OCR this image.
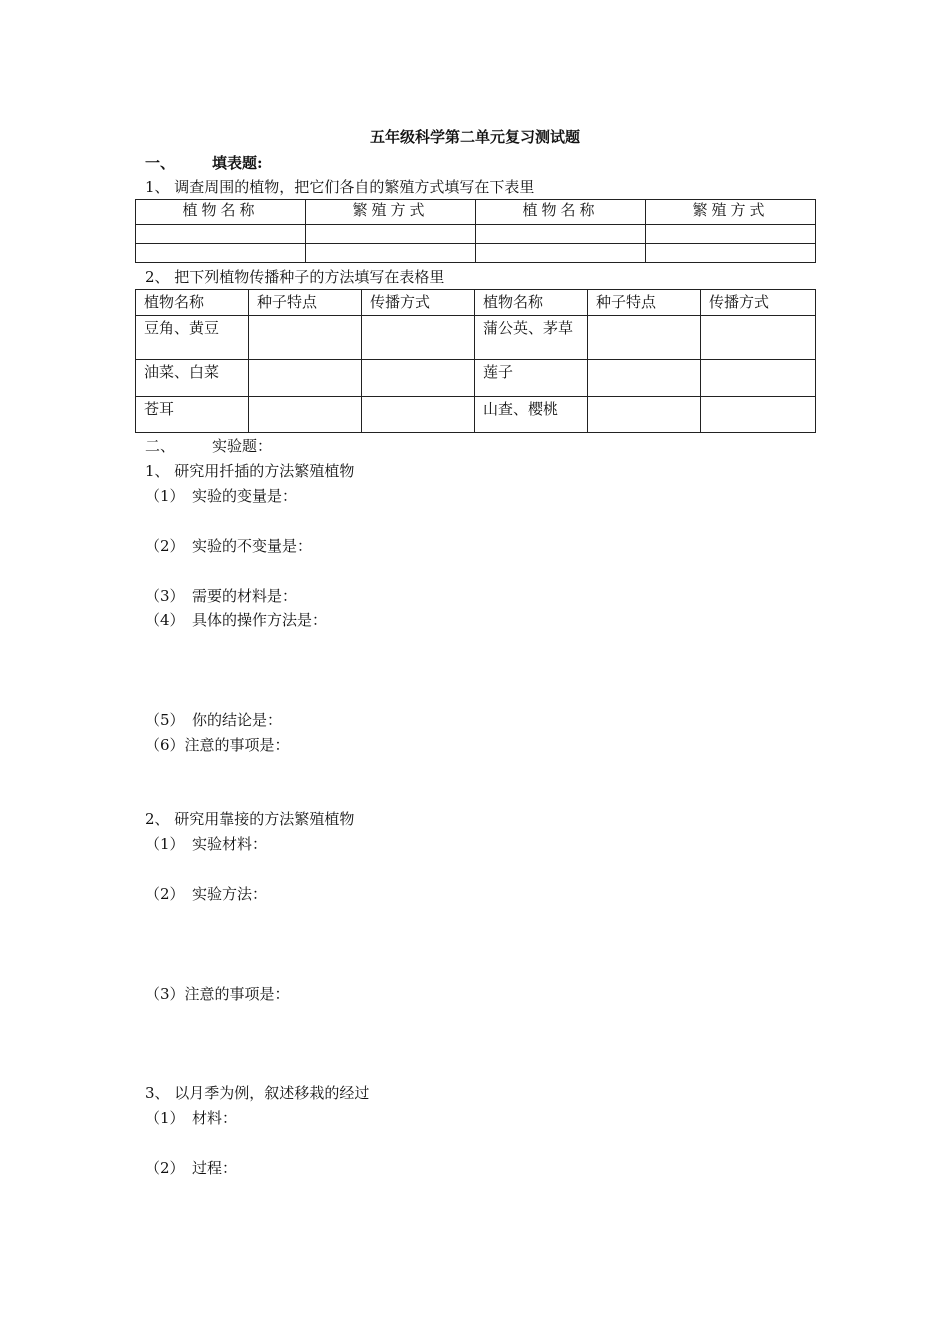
五年级科学第二单元复习测试题
一、 填表题:
1、 调查周围的植物，把它们各自的繁殖方式填写在下表里
植物名称	繁殖方式	植物名称	繁殖方式

2、 把下列植物传播种子的方法填写在表格里
植物名称	种子特点	传播方式	植物名称	种子特点	传播方式
豆角、黄豆			蒲公英、茅草		
油菜、白菜			莲子		
苍耳			山查、樱桃		
二、 实验题：
1、 研究用扦插的方法繁殖植物
（1）　实验的变量是：
（2）　实验的不变量是：
（3）　需要的材料是：
（4）　具体的操作方法是：
（5）　你的结论是：
（6）注意的事项是：
2、 研究用靠接的方法繁殖植物
（1）　实验材料：
（2）　实验方法：
（3）注意的事项是：
3、 以月季为例，叙述移栽的经过
（1）　材料：
（2）　过程：
